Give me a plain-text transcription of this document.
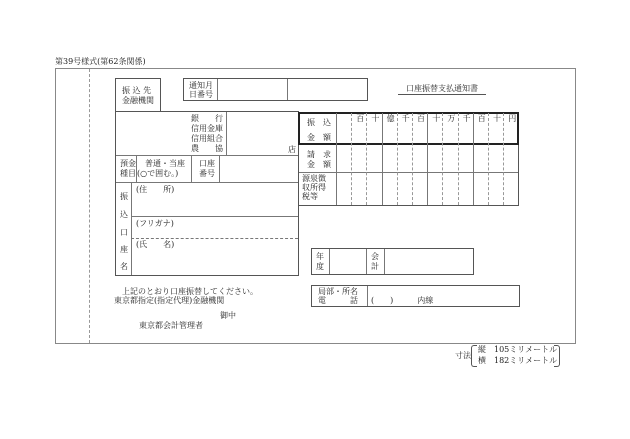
第39号様式(第62条関係)
振 込 先
金融機関
通知月
日番号
口座振替支払通知書
銀　　行
信用金庫
信用組合
農　　協	店
預金
種目
普通・当座
(○で囲む。)
口座
番号
振
込
口
座
名
(住　　所)
(フリガナ)
(氏　　名)
振　込
金　額
請　求
金　額
源泉徴
収所得
税等
百 十 億 千 百 十 万 千 百 十 円
年
度
会
計
局部・所名
電　　　話 (　　)　　　内線
上記のとおり口座振替してください。
東京都指定(指定代理)金融機関
御中
東京都会計管理者
寸法
縦　105ミリメートル
横　182ミリメートル
